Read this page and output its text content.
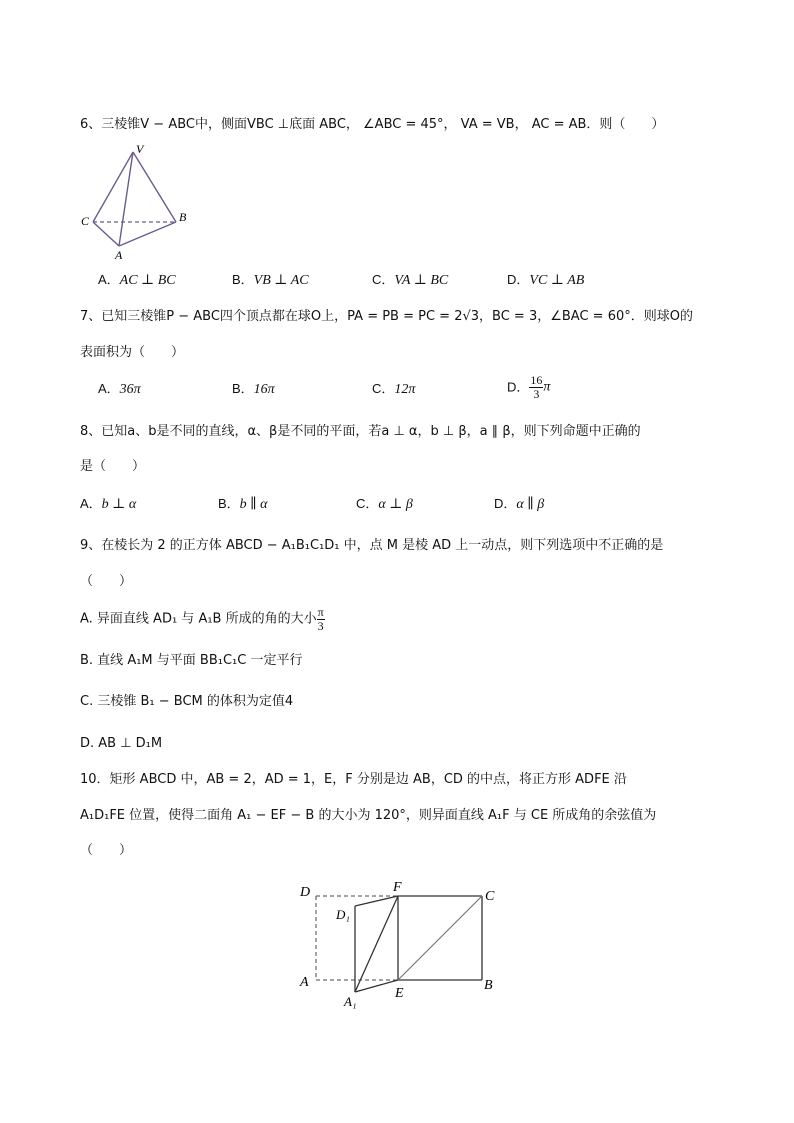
6、三棱锥V − ABC中，侧面VBC ⊥底面 ABC， ∠ABC = 45°， VA = VB， AC = AB．则（　　）
V
C	B
A
A．AC ⊥ BC	B．VB ⊥ AC	C．VA ⊥ BC	D．VC ⊥ AB
7、已知三棱锥P − ABC四个顶点都在球O上，PA = PB = PC = 2√3，BC = 3，∠BAC = 60°．则球O的
表面积为（　　）
A．36π	B．16π	C．12π	D． $\frac{16}{3}$ π
8、已知a、b是不同的直线，α、β是不同的平面，若a ⊥ α，b ⊥ β，a ∥ β，则下列命题中正确的
是（　　）
A．b ⊥ α	B．b ∥ α	C．α ⊥ β	D．α ∥ β
9、在棱长为 2 的正方体 ABCD − A₁B₁C₁D₁ 中，点 M 是棱 AD 上一动点，则下列选项中不正确的是
（　　）
A. 异面直线 AD₁ 与 A₁B 所成的角的大小 $\frac{\pi}{3}$
B. 直线 A₁M 与平面 BB₁C₁C 一定平行
C. 三棱锥 B₁ − BCM 的体积为定值4
D. AB ⊥ D₁M
10．矩形 ABCD 中，AB = 2，AD = 1，E，F 分别是边 AB，CD 的中点，将正方形 ADFE 沿
A₁D₁FE 位置，使得二面角 A₁ − EF − B 的大小为 120°，则异面直线 A₁F 与 CE 所成角的余弦值为
（　　）
D	F
C
D₁
A
A₁
E
B
